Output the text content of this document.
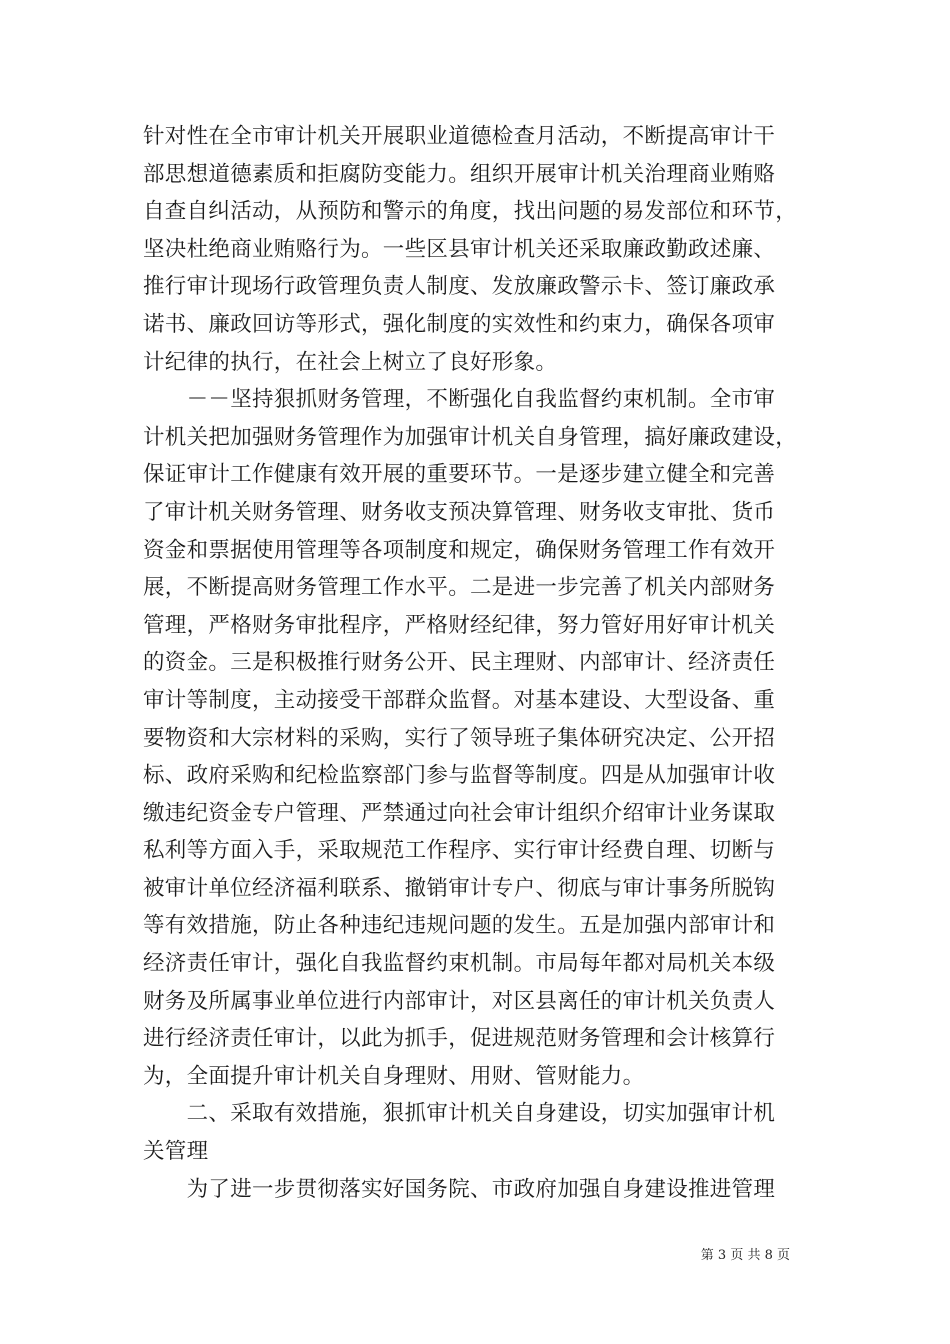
针对性在全市审计机关开展职业道德检查月活动，不断提高审计干
部思想道德素质和拒腐防变能力。组织开展审计机关治理商业贿赂
自查自纠活动，从预防和警示的角度，找出问题的易发部位和环节，
坚决杜绝商业贿赂行为。一些区县审计机关还采取廉政勤政述廉、
推行审计现场行政管理负责人制度、发放廉政警示卡、签订廉政承
诺书、廉政回访等形式，强化制度的实效性和约束力，确保各项审
计纪律的执行，在社会上树立了良好形象。
　　－－坚持狠抓财务管理，不断强化自我监督约束机制。全市审
计机关把加强财务管理作为加强审计机关自身管理，搞好廉政建设，
保证审计工作健康有效开展的重要环节。一是逐步建立健全和完善
了审计机关财务管理、财务收支预决算管理、财务收支审批、货币
资金和票据使用管理等各项制度和规定，确保财务管理工作有效开
展，不断提高财务管理工作水平。二是进一步完善了机关内部财务
管理，严格财务审批程序，严格财经纪律，努力管好用好审计机关
的资金。三是积极推行财务公开、民主理财、内部审计、经济责任
审计等制度，主动接受干部群众监督。对基本建设、大型设备、重
要物资和大宗材料的采购，实行了领导班子集体研究决定、公开招
标、政府采购和纪检监察部门参与监督等制度。四是从加强审计收
缴违纪资金专户管理、严禁通过向社会审计组织介绍审计业务谋取
私利等方面入手，采取规范工作程序、实行审计经费自理、切断与
被审计单位经济福利联系、撤销审计专户、彻底与审计事务所脱钩
等有效措施，防止各种违纪违规问题的发生。五是加强内部审计和
经济责任审计，强化自我监督约束机制。市局每年都对局机关本级
财务及所属事业单位进行内部审计，对区县离任的审计机关负责人
进行经济责任审计，以此为抓手，促进规范财务管理和会计核算行
为，全面提升审计机关自身理财、用财、管财能力。
　　二、采取有效措施，狠抓审计机关自身建设，切实加强审计机
关管理
　　为了进一步贯彻落实好国务院、市政府加强自身建设推进管理
第 3 页 共 8 页
